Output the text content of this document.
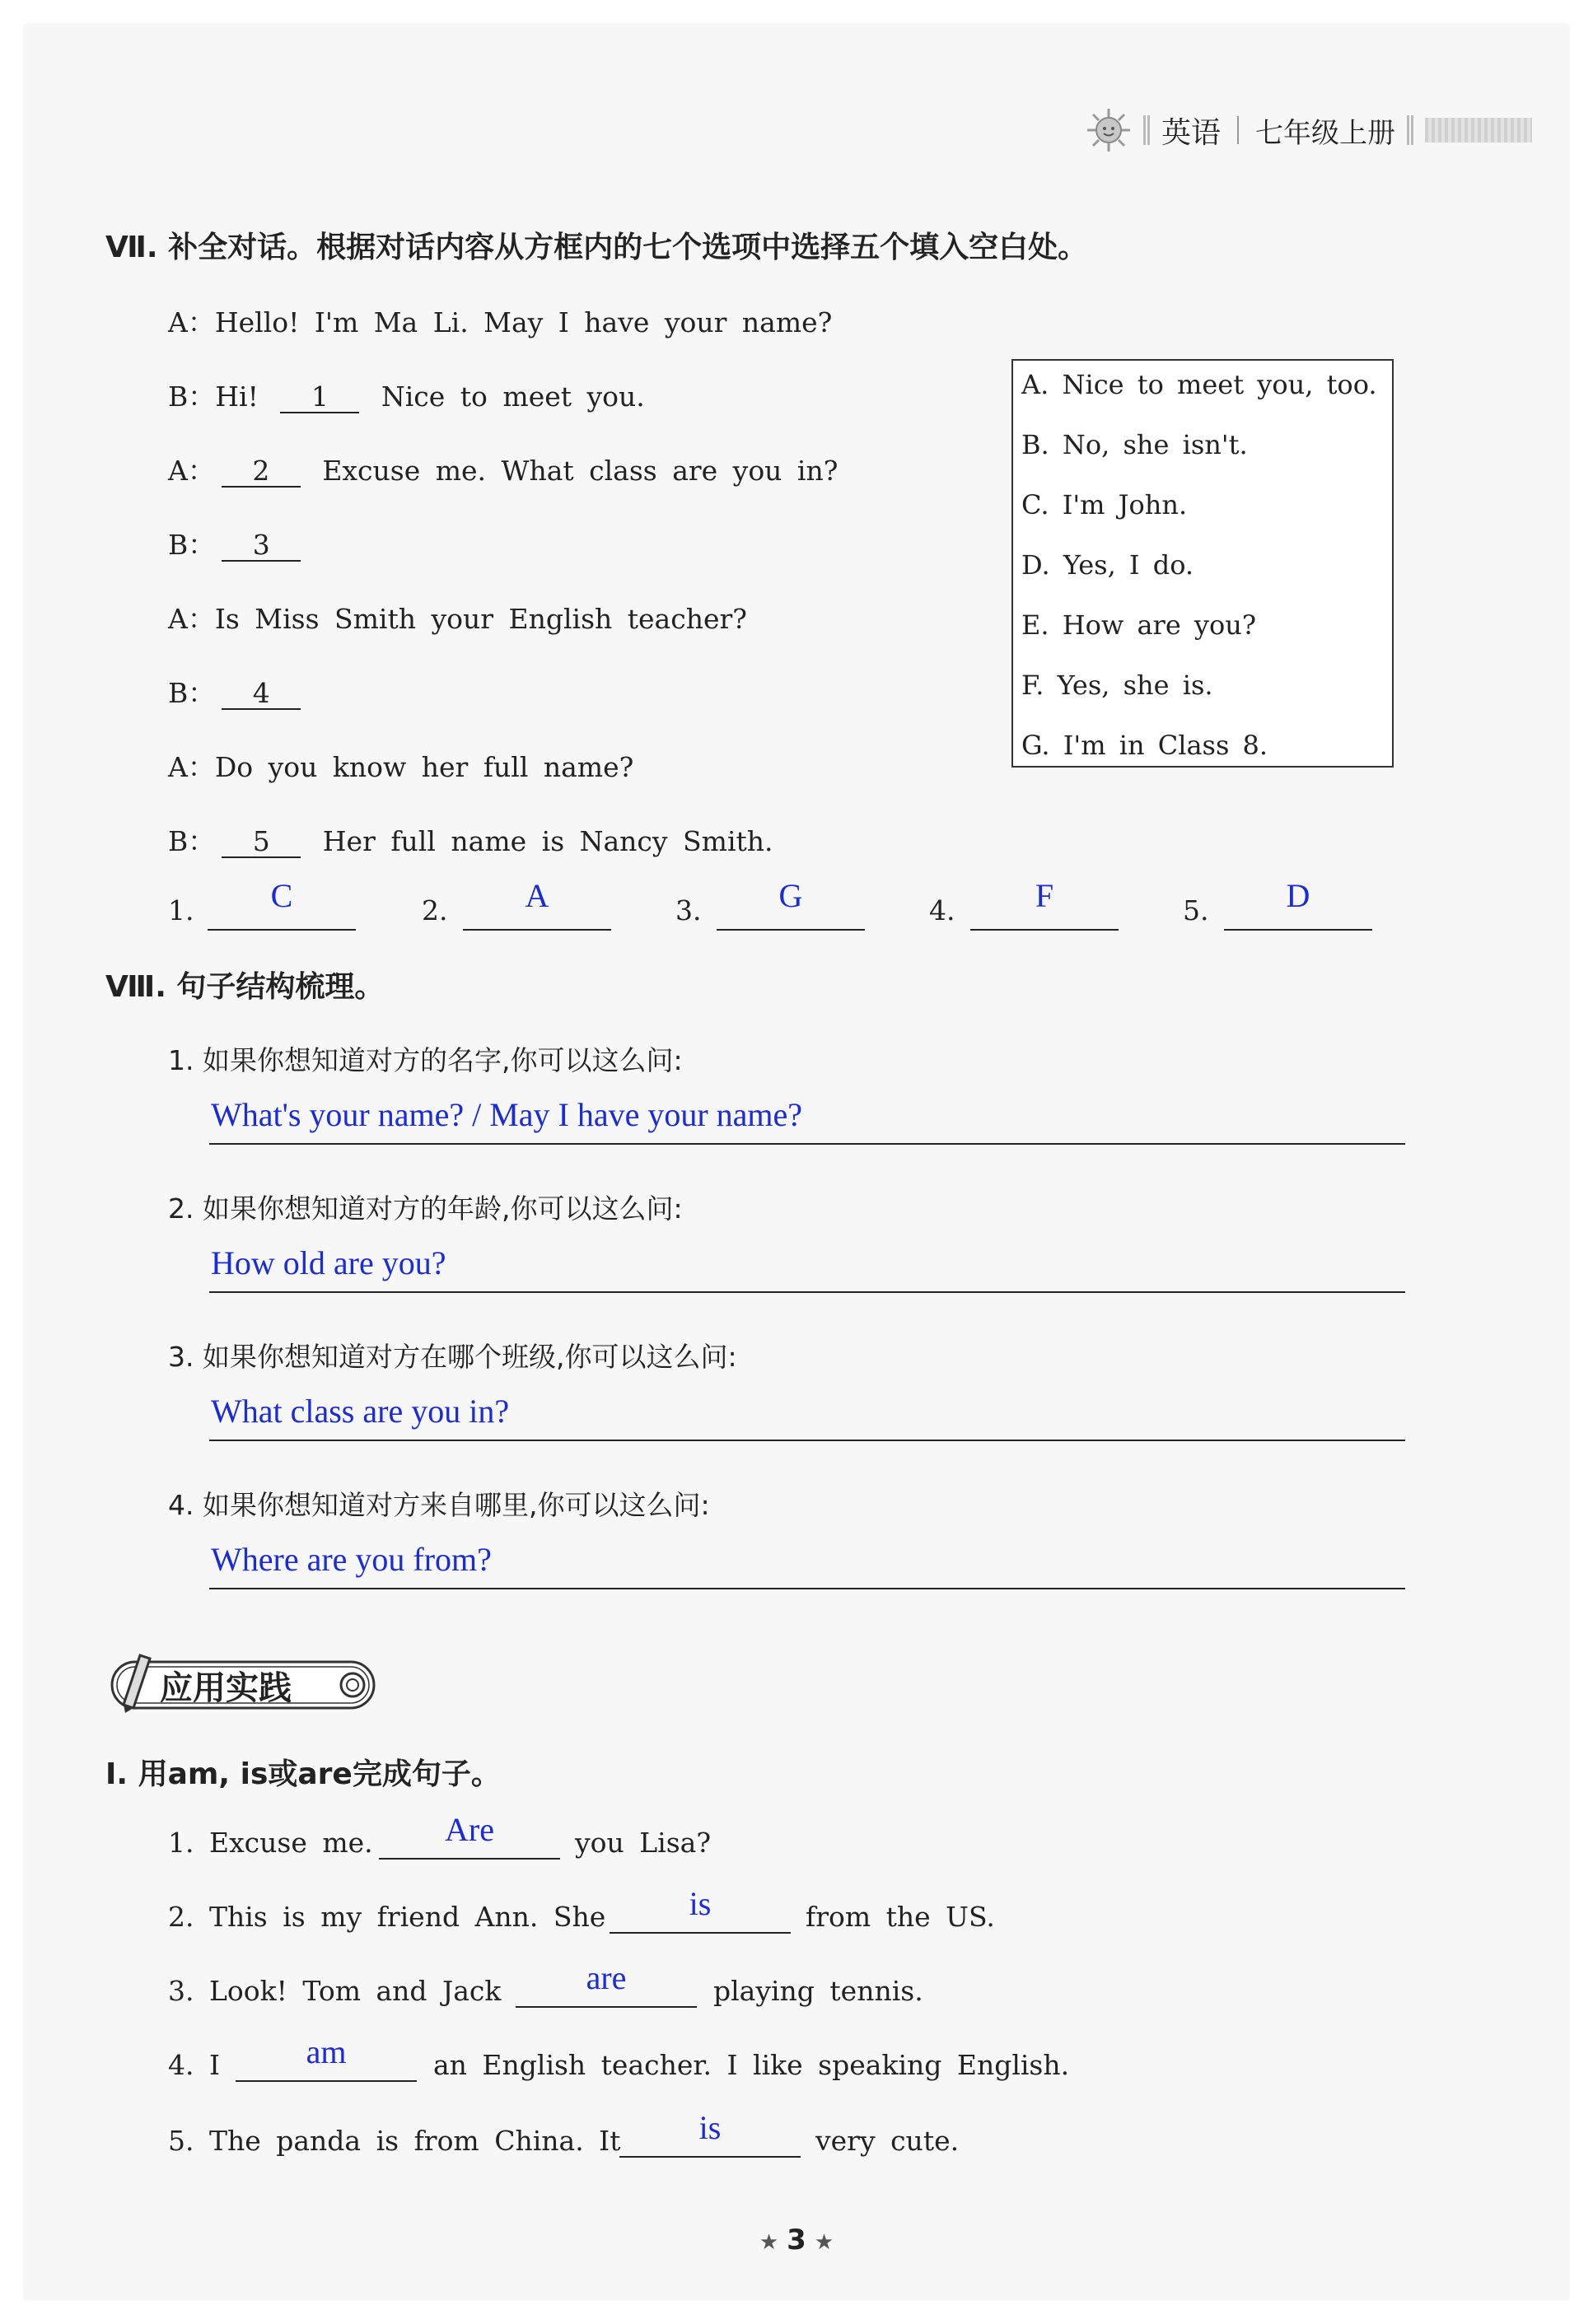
英语 七年级上册
Ⅶ. 补全对话。根据对话内容从方框内的七个选项中选择五个填入空白处。
A：Hello! I'm Ma Li. May I have your name?
B：Hi! 1 Nice to meet you.
A： 2 Excuse me. What class are you in?
B： 3
A：Is Miss Smith your English teacher?
B： 4
A：Do you know her full name?
B： 5 Her full name is Nancy Smith.
A. Nice to meet you, too.
B. No, she isn't.
C. I'm John.
D. Yes, I do.
E. How are you?
F. Yes, she is.
G. I'm in Class 8.
1.	C	2.	A	3.	G	4.	F	5.	D
Ⅷ. 句子结构梳理。
1. 如果你想知道对方的名字,你可以这么问:
What's your name? / May I have your name?
2. 如果你想知道对方的年龄,你可以这么问:
How old are you?
3. 如果你想知道对方在哪个班级,你可以这么问:
What class are you in?
4. 如果你想知道对方来自哪里,你可以这么问:
Where are you from?
应用实践
Ⅰ. 用am, is或are完成句子。
1. Excuse me.	Are	you Lisa?
2. This is my friend Ann. She	is	from the US.
3. Look! Tom and Jack	are	playing tennis.
4. I	am	an English teacher. I like speaking English.
5. The panda is from China. It	is	very cute.
★ 3 ★
